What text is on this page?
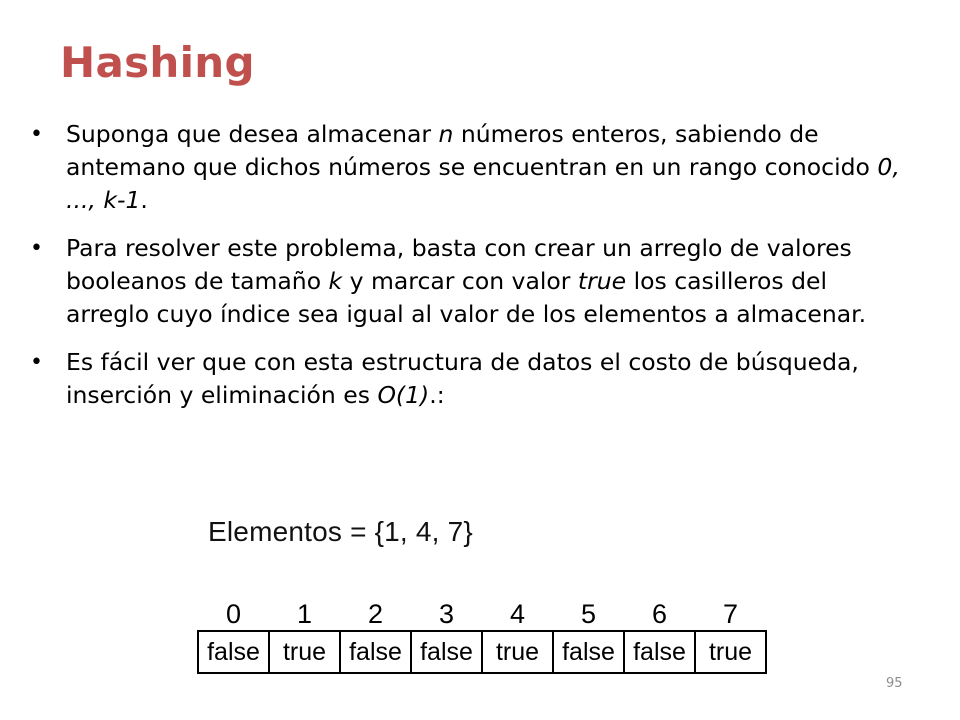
Hashing
• Suponga que desea almacenar n números enteros, sabiendo de antemano que dichos números se encuentran en un rango conocido 0, ..., k-1.
• Para resolver este problema, basta con crear un arreglo de valores booleanos de tamaño k y marcar con valor true los casilleros del arreglo cuyo índice sea igual al valor de los elementos a almacenar.
• Es fácil ver que con esta estructura de datos el costo de búsqueda, inserción y eliminación es O(1).:
Elementos = {1, 4, 7}
0	1	2	3	4	5	6	7
false	true	false	false	true	false	false	true
95
